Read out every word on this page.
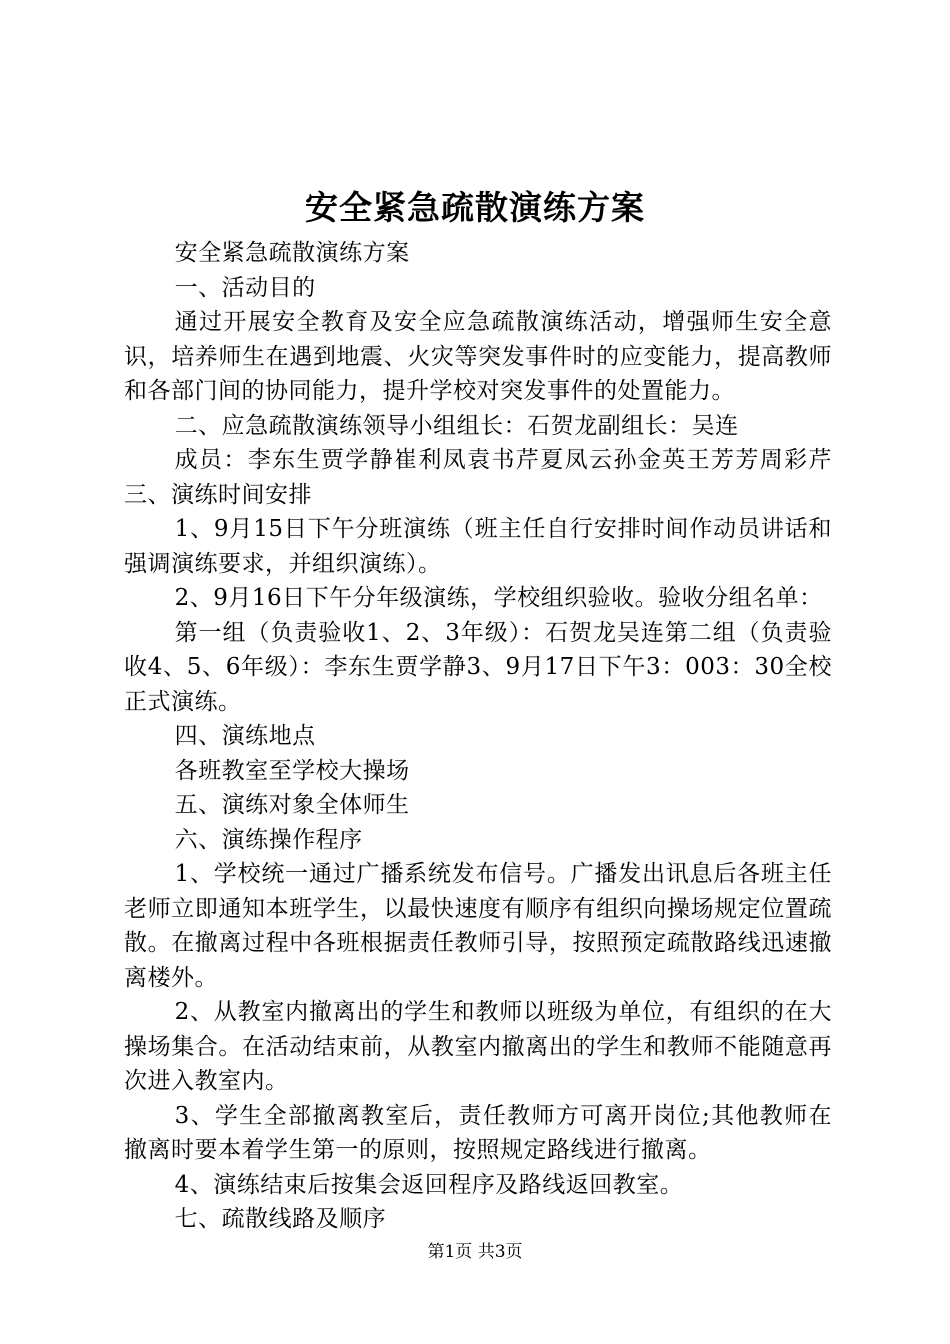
安全紧急疏散演练方案

安全紧急疏散演练方案

一、活动目的

通过开展安全教育及安全应急疏散演练活动，增强师生安全意识，培养师生在遇到地震、火灾等突发事件时的应变能力，提高教师和各部门间的协同能力，提升学校对突发事件的处置能力。

二、应急疏散演练领导小组组长：石贺龙副组长：吴连

成员：李东生贾学静崔利凤袁书芹夏凤云孙金英王芳芳周彩芹三、演练时间安排

1、9月15日下午分班演练（班主任自行安排时间作动员讲话和强调演练要求，并组织演练）。

2、9月16日下午分年级演练，学校组织验收。验收分组名单：

第一组（负责验收1、2、3年级）：石贺龙吴连第二组（负责验收4、5、6年级）：李东生贾学静3、9月17日下午3：003：30全校正式演练。

四、演练地点

各班教室至学校大操场

五、演练对象全体师生

六、演练操作程序

1、学校统一通过广播系统发布信号。广播发出讯息后各班主任老师立即通知本班学生，以最快速度有顺序有组织向操场规定位置疏散。在撤离过程中各班根据责任教师引导，按照预定疏散路线迅速撤离楼外。

2、从教室内撤离出的学生和教师以班级为单位，有组织的在大操场集合。在活动结束前，从教室内撤离出的学生和教师不能随意再次进入教室内。

3、学生全部撤离教室后，责任教师方可离开岗位;其他教师在撤离时要本着学生第一的原则，按照规定路线进行撤离。

4、演练结束后按集会返回程序及路线返回教室。

七、疏散线路及顺序

第1页 共3页
